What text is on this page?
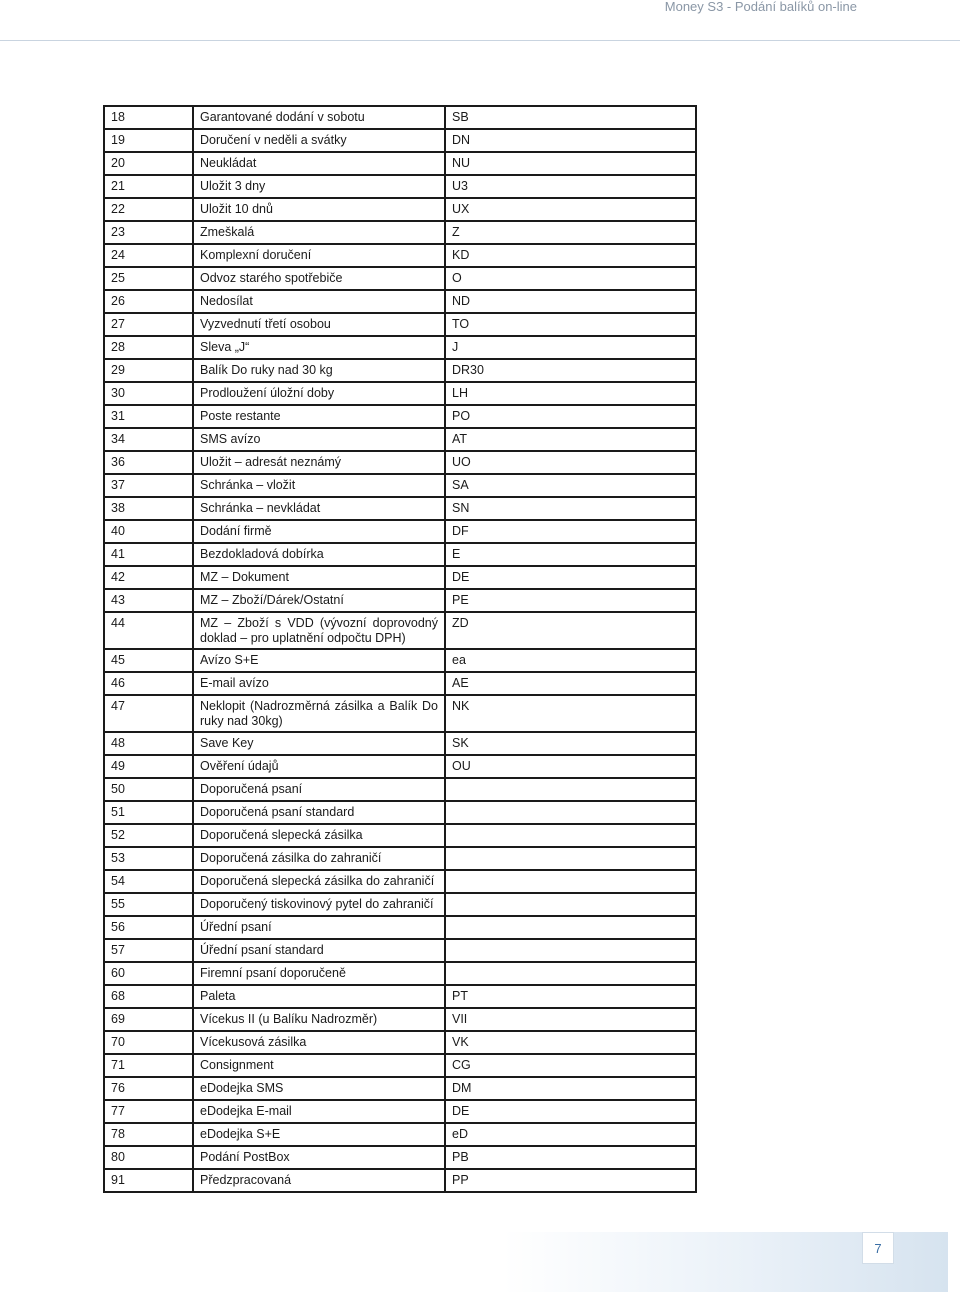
Money S3 - Podání balíků on-line
18	Garantované dodání v sobotu	SB
19	Doručení v neděli a svátky	DN
20	Neukládat	NU
21	Uložit 3 dny	U3
22	Uložit 10 dnů	UX
23	Zmeškalá	Z
24	Komplexní doručení	KD
25	Odvoz starého spotřebiče	O
26	Nedosílat	ND
27	Vyzvednutí třetí osobou	TO
28	Sleva „J“	J
29	Balík Do ruky nad 30 kg	DR30
30	Prodloužení úložní doby	LH
31	Poste restante	PO
34	SMS avízo	AT
36	Uložit – adresát neznámý	UO
37	Schránka – vložit	SA
38	Schránka – nevkládat	SN
40	Dodání firmě	DF
41	Bezdokladová dobírka	E
42	MZ – Dokument	DE
43	MZ – Zboží/Dárek/Ostatní	PE
44	MZ – Zboží s VDD (vývozní doprovodný doklad – pro uplatnění odpočtu DPH)	ZD
45	Avízo S+E	ea
46	E-mail avízo	AE
47	Neklopit (Nadrozměrná zásilka a Balík Do ruky nad 30kg)	NK
48	Save Key	SK
49	Ověření údajů	OU
50	Doporučená psaní	
51	Doporučená psaní standard	
52	Doporučená slepecká zásilka	
53	Doporučená zásilka do zahraničí	
54	Doporučená slepecká zásilka do zahraničí	
55	Doporučený tiskovinový pytel do zahraničí	
56	Úřední psaní	
57	Úřední psaní standard	
60	Firemní psaní doporučeně	
68	Paleta	PT
69	Vícekus II (u Balíku Nadrozměr)	VII
70	Vícekusová zásilka	VK
71	Consignment	CG
76	eDodejka SMS	DM
77	eDodejka E-mail	DE
78	eDodejka S+E	eD
80	Podání PostBox	PB
91	Předzpracovaná	PP
7
